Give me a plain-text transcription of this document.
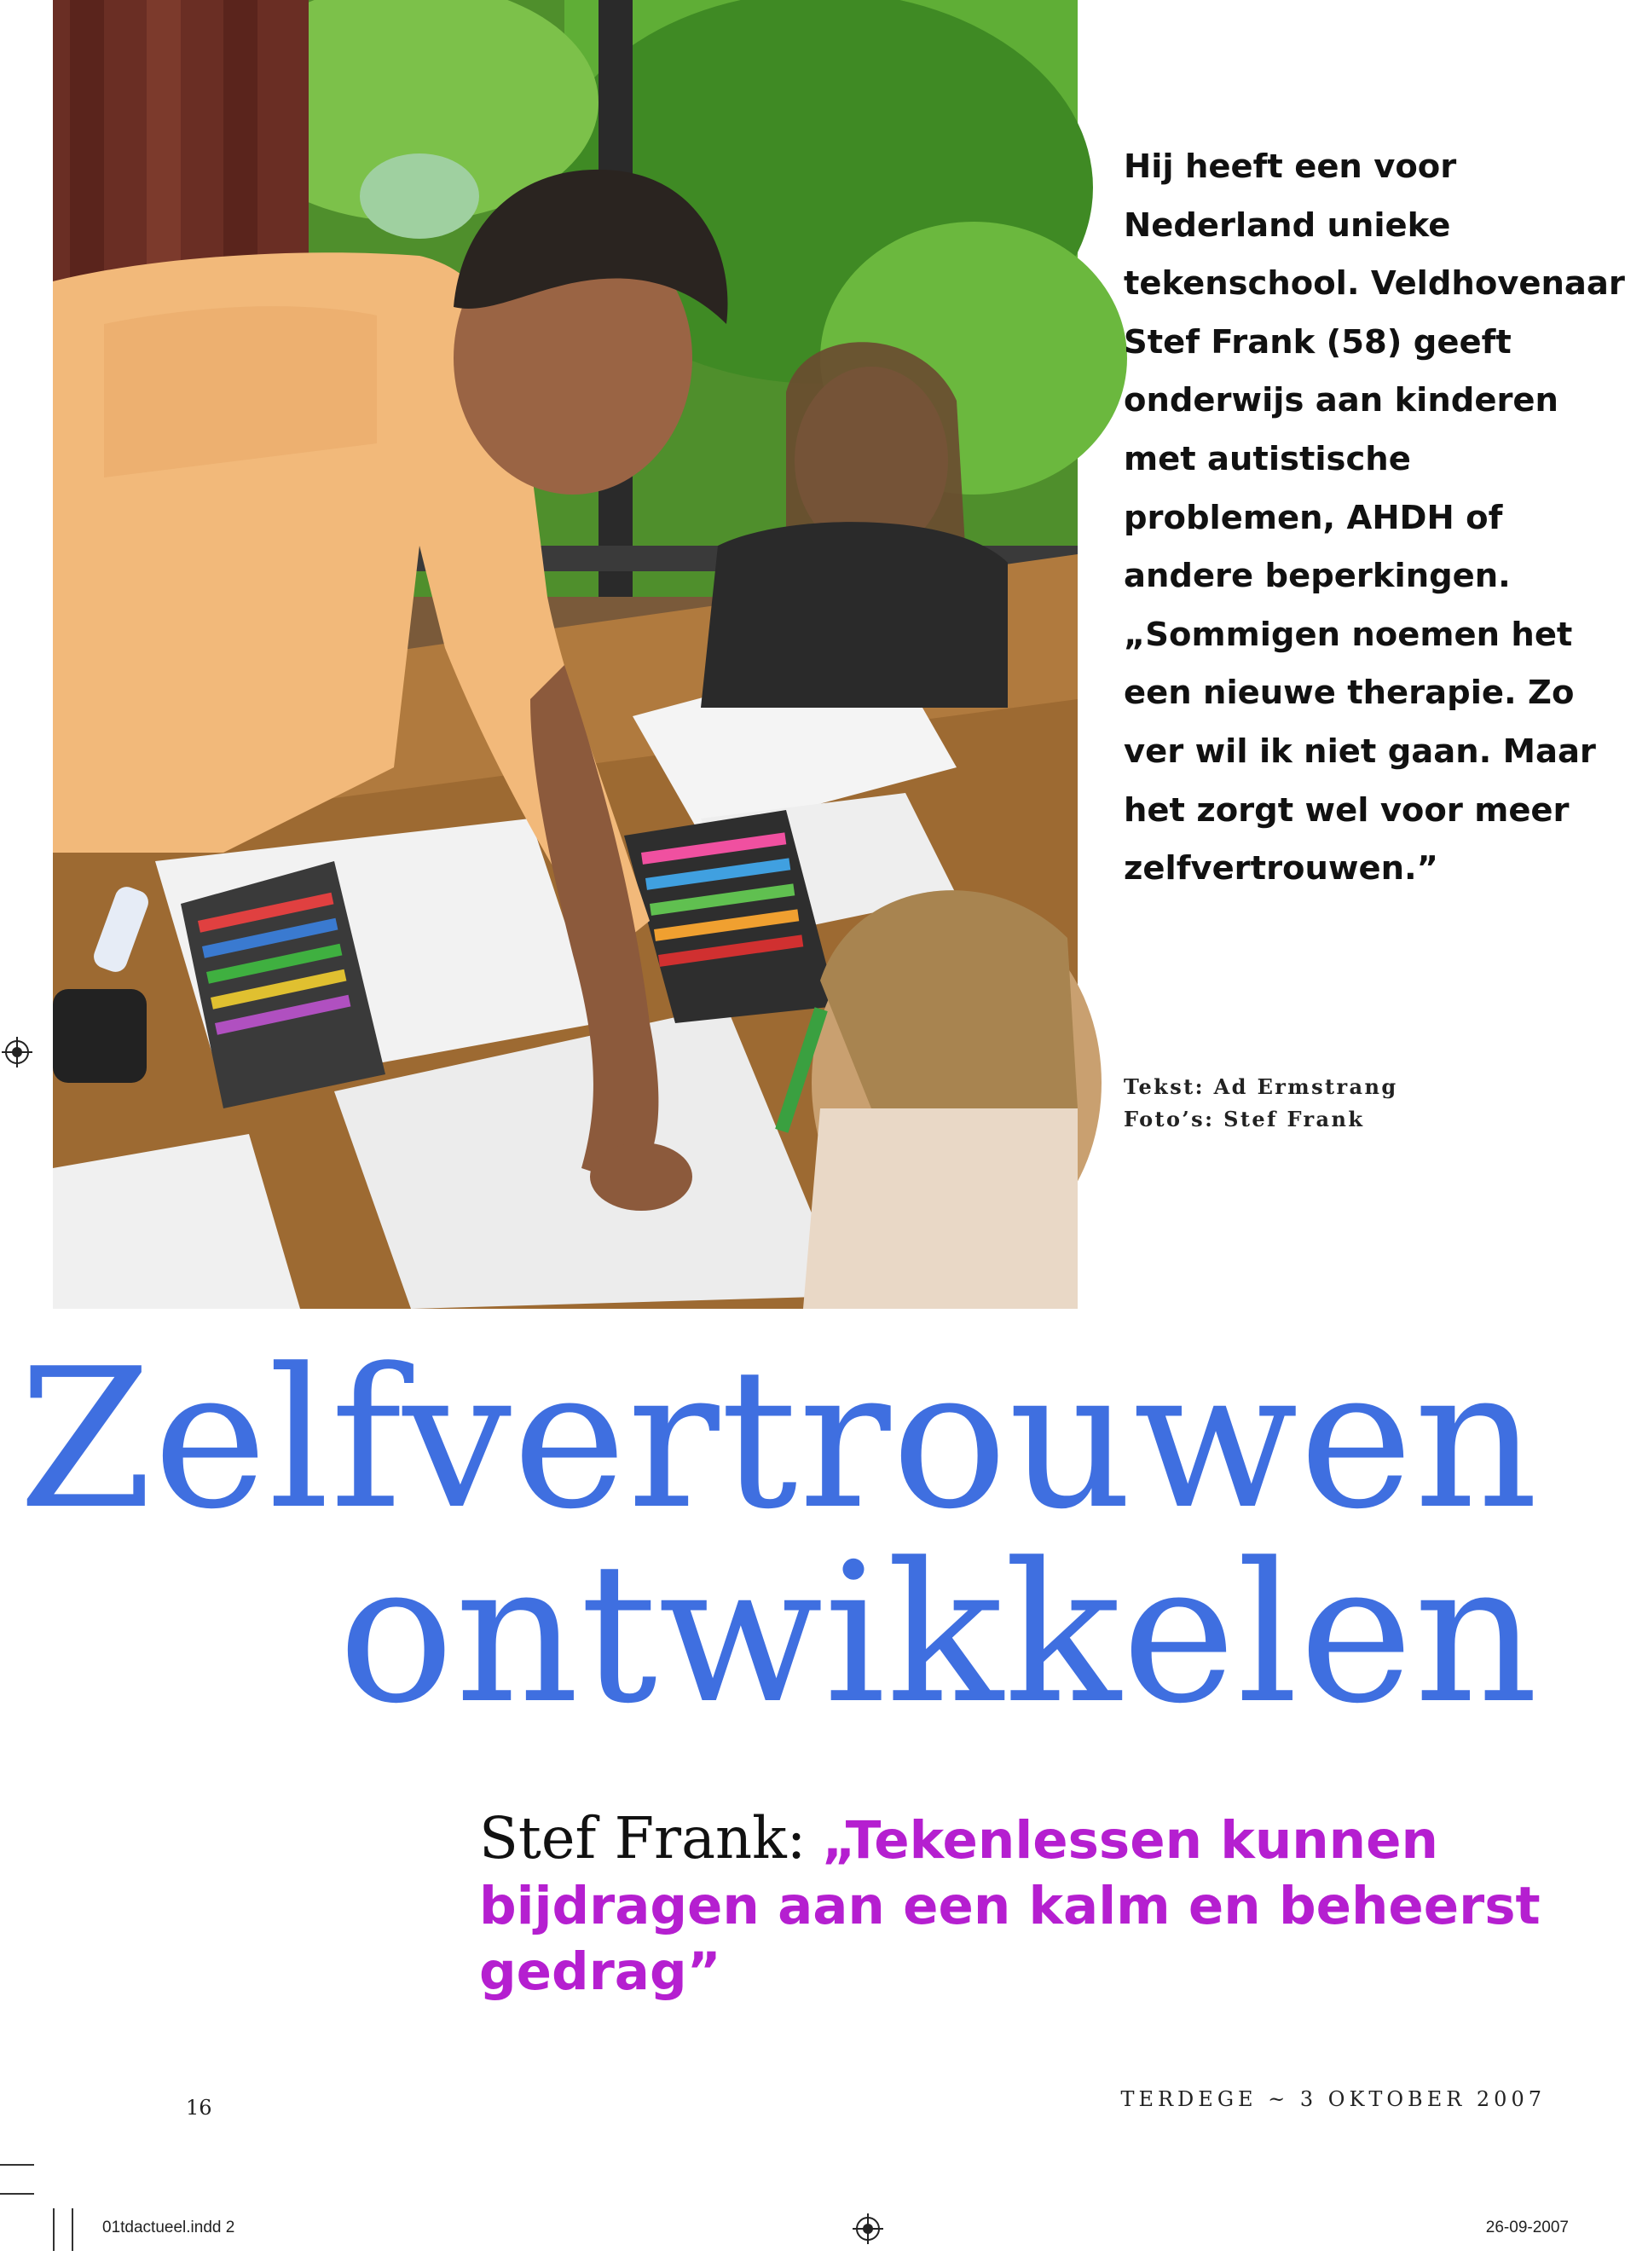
Hij heeft een voor
Nederland unieke
tekenschool. Veldhovenaar
Stef Frank (58) geeft
onderwijs aan kinderen
met autistische
problemen, AHDH of
andere beperkingen.
„Sommigen noemen het
een nieuwe therapie. Zo
ver wil ik niet gaan. Maar
het zorgt wel voor meer
zelfvertrouwen.”
Tekst: Ad Ermstrang
Foto’s: Stef Frank
Zelfvertrouwen
ontwikkelen
Stef Frank: „Tekenlessen kunnen
bijdragen aan een kalm en beheerst
gedrag”
16	TERDEGE ~ 3 OKTOBER 2007
01tdactueel.indd 2	26-09-2007
